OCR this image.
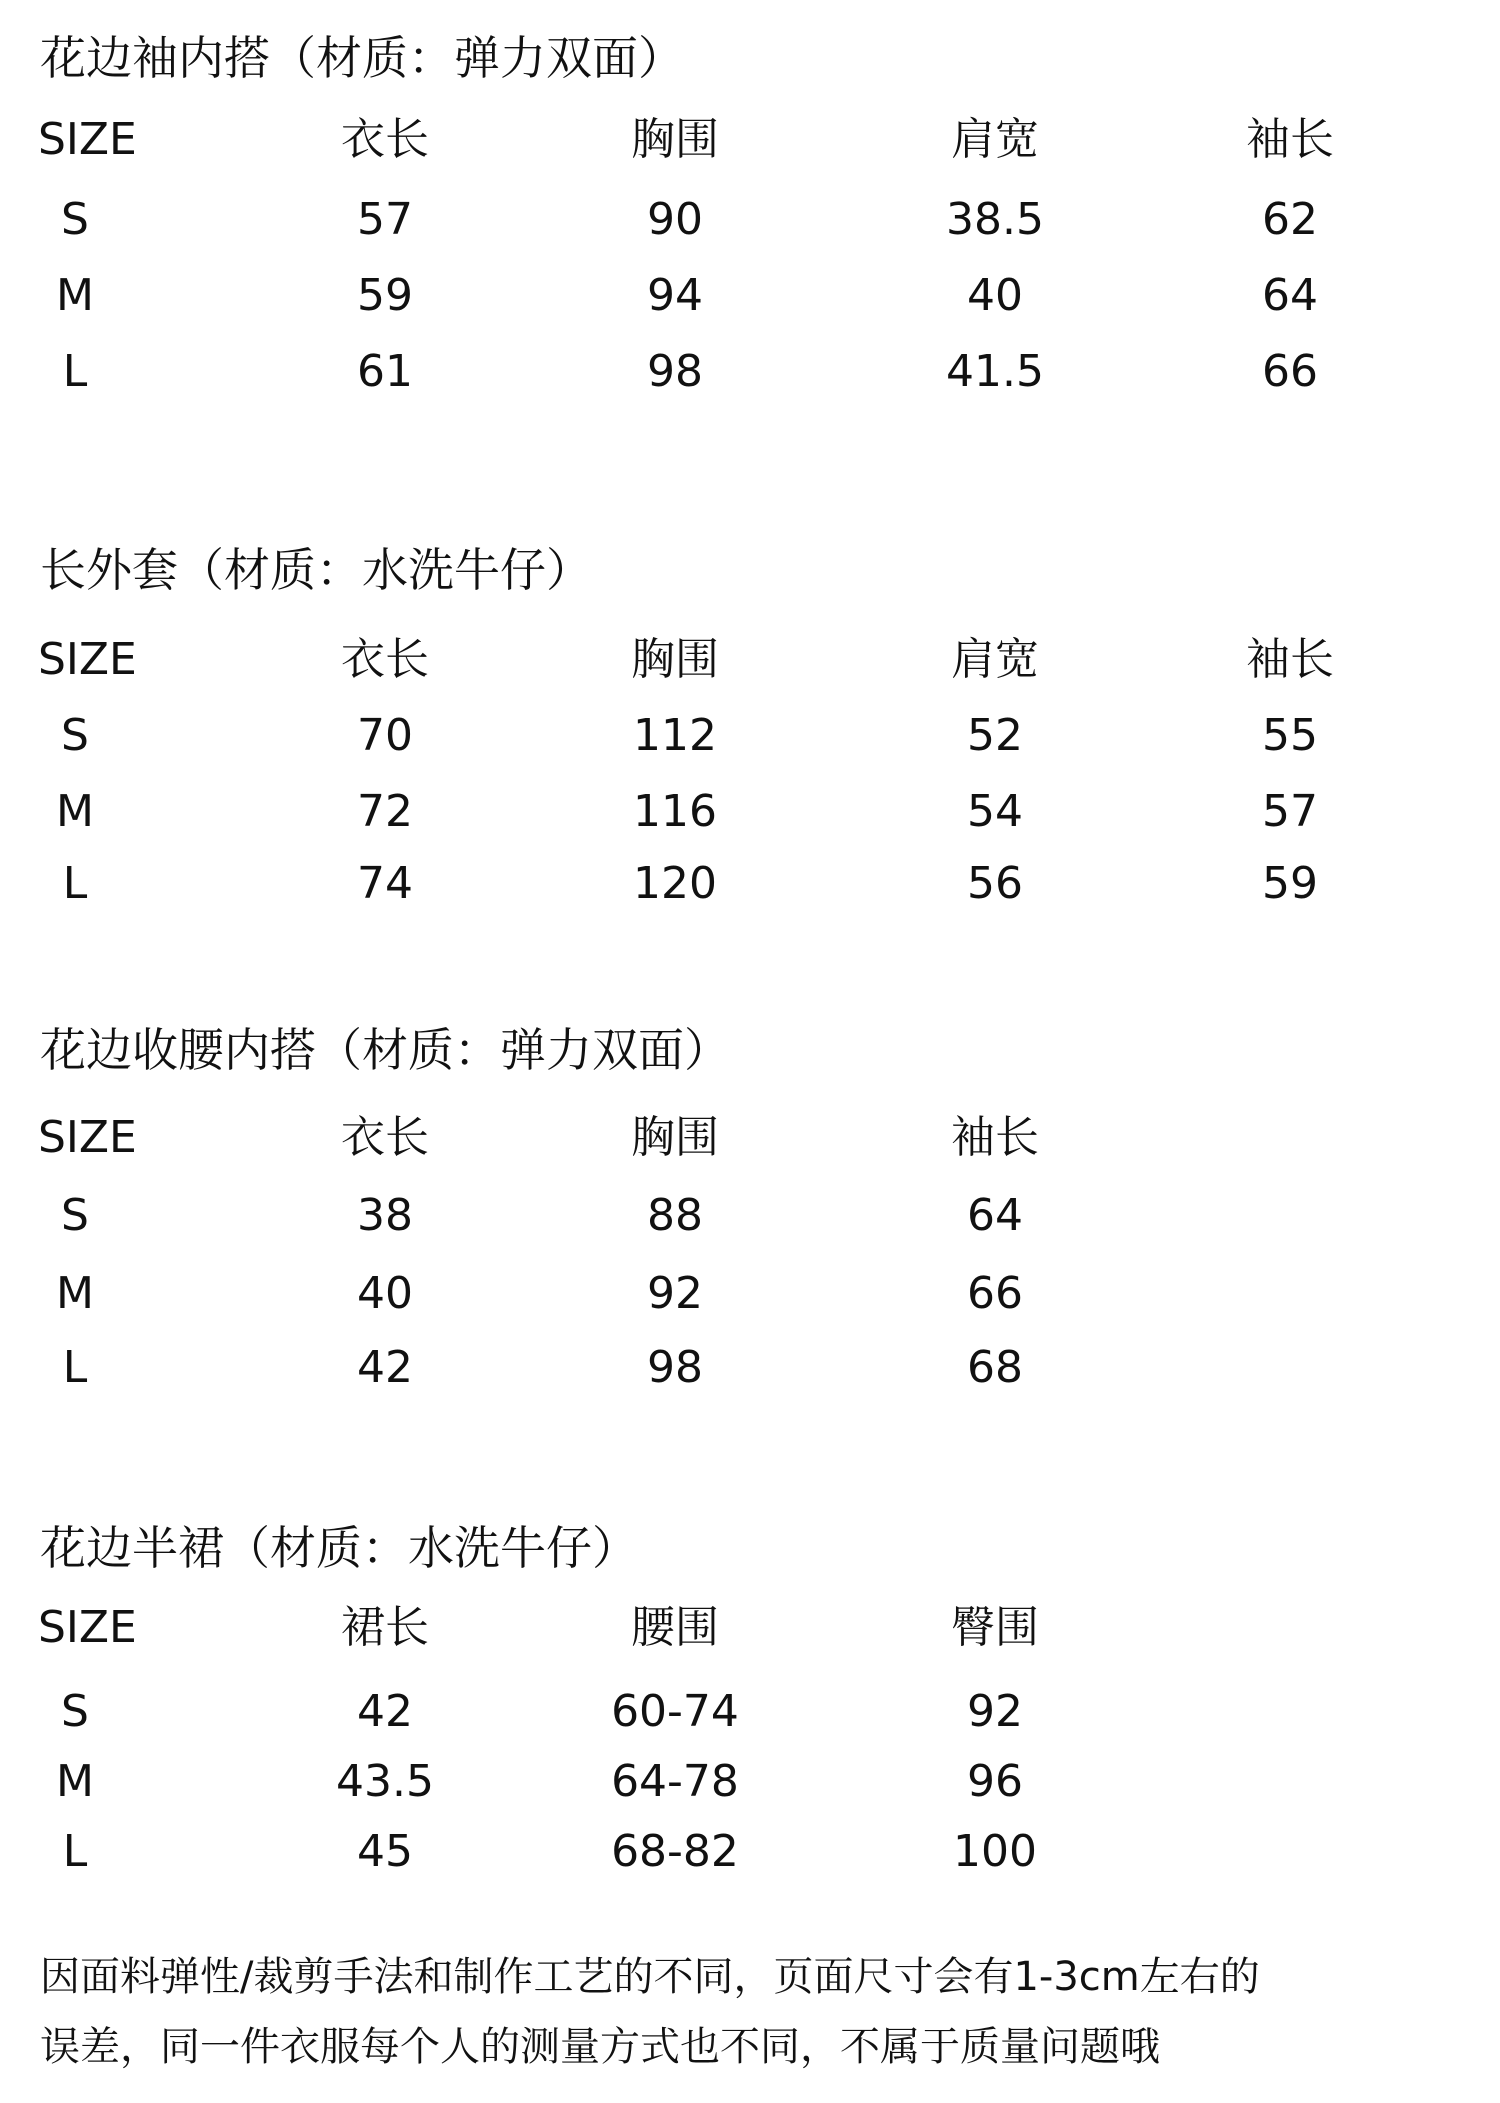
花边袖内搭（材质：弹力双面）
SIZE	衣长	胸围	肩宽	袖长
S	57	90	38.5	62
M	59	94	40	64
L	61	98	41.5	66
长外套（材质：水洗牛仔）
SIZE	衣长	胸围	肩宽	袖长
S	70	112	52	55
M	72	116	54	57
L	74	120	56	59
花边收腰内搭（材质：弹力双面）
SIZE	衣长	胸围	袖长
S	38	88	64
M	40	92	66
L	42	98	68
花边半裙（材质：水洗牛仔）
SIZE	裙长	腰围	臀围
S	42	60-74	92
M	43.5	64-78	96
L	45	68-82	100
因面料弹性/裁剪手法和制作工艺的不同，页面尺寸会有1-3cm左右的
误差，同一件衣服每个人的测量方式也不同，不属于质量问题哦
